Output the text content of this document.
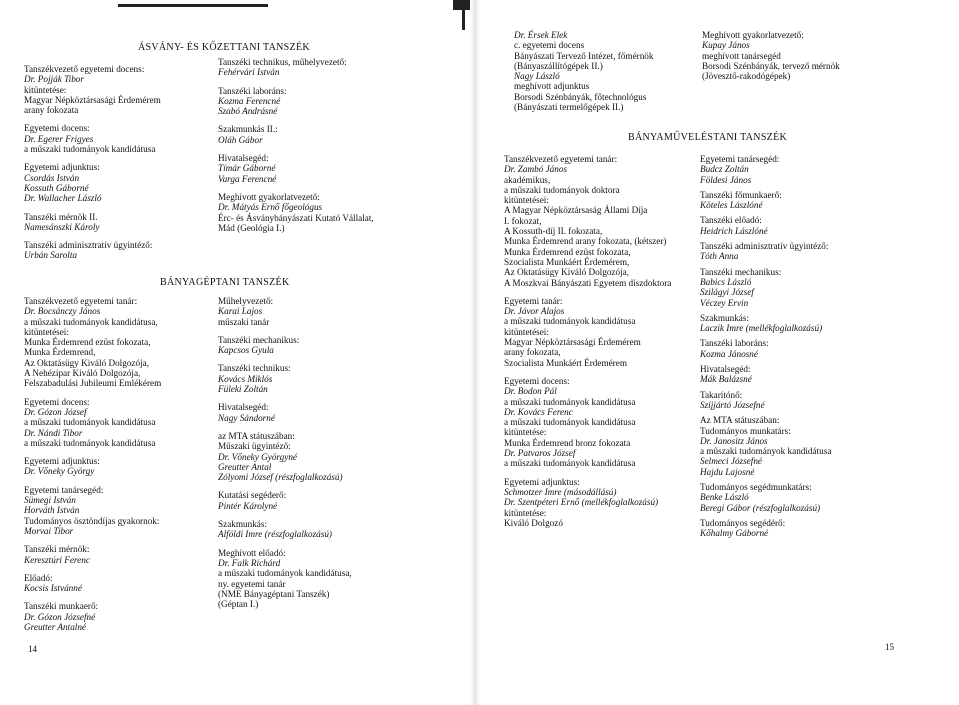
ÁSVÁNY- ÉS KŐZETTANI TANSZÉK
Tanszékvezető egyetemi docens:
Dr. Pojják Tibor
kitüntetése:
Magyar Népköztársasági Érdemérem
arany fokozata
Egyetemi docens:
Dr. Egerer Frigyes
a műszaki tudományok kandidátusa
Egyetemi adjunktus:
Csordás István
Kossuth Gáborné
Dr. Wallacher László
Tanszéki mérnök II.
Namesánszki Károly
Tanszéki adminisztratív ügyintéző:
Urbán Sarolta
Tanszéki technikus, műhelyvezető:
Fehérvári István
Tanszéki laboráns:
Kozma Ferencné
Szabó Andrásné
Szakmunkás II.:
Oláh Gábor
Hivatalsegéd:
Tímár Gáborné
Varga Ferencné
Meghívott gyakorlatvezető:
Dr. Mátyás Ernő főgeológus
Érc- és Ásványbányászati Kutató Vállalat,
Mád (Geológia I.)
BÁNYAGÉPTANI TANSZÉK
Tanszékvezető egyetemi tanár:
Dr. Bocsánczy János
a műszaki tudományok kandidátusa,
kitüntetései:
Munka Érdemrend ezüst fokozata,
Munka Érdemrend,
Az Oktatásügy Kiváló Dolgozója,
A Nehézipar Kiváló Dolgozója,
Felszabadulási Jubileumi Emlékérem
Egyetemi docens:
Dr. Gózon József
a műszaki tudományok kandidátusa
Dr. Nándi Tibor
a műszaki tudományok kandidátusa
Egyetemi adjunktus:
Dr. Vőneky György
Egyetemi tanársegéd:
Sümegi István
Horváth István
Tudományos ösztöndíjas gyakornok:
Morvai Tibor
Tanszéki mérnök:
Keresztúri Ferenc
Előadó:
Kocsis Istvánné
Tanszéki munkaerő:
Dr. Gózon Józsefné
Greutter Antalné
Műhelyvezető:
Karai Lajos
műszaki tanár
Tanszéki mechanikus:
Kapcsos Gyula
Tanszéki technikus:
Kovács Miklós
Füleki Zoltán
Hivatalsegéd:
Nagy Sándorné
az MTA státuszában:
Műszaki ügyintéző:
Dr. Vőneky Györgyné
Greutter Antal
Zólyomi József (részfoglalkozású)
Kutatási segéderő:
Pintér Károlyné
Szakmunkás:
Alföldi Imre (részfoglalkozású)
Meghívott előadó:
Dr. Falk Richárd
a műszaki tudományok kandidátusa,
ny. egyetemi tanár
(NME Bányagéptani Tanszék)
(Géptan I.)
14
Dr. Érsek Elek
c. egyetemi docens
Bányászati Tervező Intézet, főmérnök
(Bányaszállítógépek II.)
Nagy László
meghívott adjunktus
Borsodi Szénbányák, főtechnológus
(Bányászati termelőgépek II.)
Meghívott gyakorlatvezető:
Kupay János
meghívott tanársegéd
Borsodi Szénbányák, tervező mérnök
(Jövesztő-rakodógépek)
BÁNYAMŰVELÉSTANI TANSZÉK
Tanszékvezető egyetemi tanár:
Dr. Zambó János
akadémikus,
a műszaki tudományok doktora
kitüntetései:
A Magyar Népköztársaság Állami Díja
I. fokozat,
A Kossuth-díj II. fokozata,
Munka Érdemrend arany fokozata, (kétszer)
Munka Érdemrend ezüst fokozata,
Szocialista Munkáért Érdemérem,
Az Oktatásügy Kiváló Dolgozója,
A Moszkvai Bányászati Egyetem díszdoktora
Egyetemi tanár:
Dr. Jávor Alajos
a műszaki tudományok kandidátusa
kitüntetései:
Magyar Népköztársasági Érdemérem
arany fokozata,
Szocialista Munkáért Érdemérem
Egyetemi docens:
Dr. Bodon Pál
a műszaki tudományok kandidátusa
Dr. Kovács Ferenc
a műszaki tudományok kandidátusa
kitüntetése:
Munka Érdemrend bronz fokozata
Dr. Patvaros József
a műszaki tudományok kandidátusa
Egyetemi adjunktus:
Schmotzer Imre (másodállású)
Dr. Szentpéteri Ernő (mellékfoglalkozású)
kitüntetése:
Kiváló Dolgozó
Egyetemi tanársegéd:
Budcz Zoltán
Földesi János
Tanszéki főmunkaerő:
Köteles Lászlóné
Tanszéki előadó:
Heidrich Lászlóné
Tanszéki adminisztratív ügyintéző:
Tóth Anna
Tanszéki mechanikus:
Babics László
Szilágyi József
Véczey Ervin
Szakmunkás:
Laczik Imre (mellékfoglalkozású)
Tanszéki laboráns:
Kozma Jánosné
Hivatalsegéd:
Mák Balázsné
Takarítónő:
Szíjjártó Józsefné
Az MTA státuszában:
Tudományos munkatárs:
Dr. Janositz János
a műszaki tudományok kandidátusa
Selmeci Józsefné
Hajdu Lajosné
Tudományos segédmunkatárs:
Benke László
Beregi Gábor (részfoglalkozású)
Tudományos segédérő:
Kőhalmy Gáborné
15
